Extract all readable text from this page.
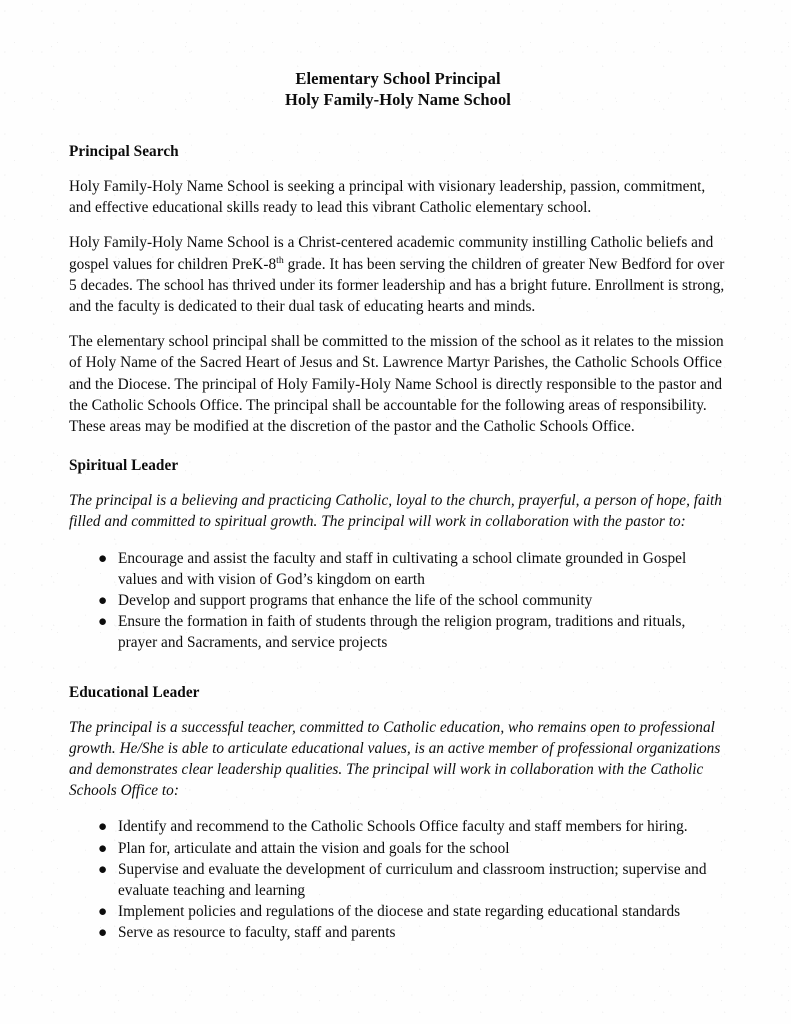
Elementary School Principal
Holy Family-Holy Name School
Principal Search

Holy Family-Holy Name School is seeking a principal with visionary leadership, passion, commitment, and effective educational skills ready to lead this vibrant Catholic elementary school.

Holy Family-Holy Name School is a Christ-centered academic community instilling Catholic beliefs and gospel values for children PreK-8th grade. It has been serving the children of greater New Bedford for over 5 decades. The school has thrived under its former leadership and has a bright future. Enrollment is strong, and the faculty is dedicated to their dual task of educating hearts and minds.

The elementary school principal shall be committed to the mission of the school as it relates to the mission of Holy Name of the Sacred Heart of Jesus and St. Lawrence Martyr Parishes, the Catholic Schools Office and the Diocese. The principal of Holy Family-Holy Name School is directly responsible to the pastor and the Catholic Schools Office. The principal shall be accountable for the following areas of responsibility. These areas may be modified at the discretion of the pastor and the Catholic Schools Office.

Spiritual Leader

The principal is a believing and practicing Catholic, loyal to the church, prayerful, a person of hope, faith filled and committed to spiritual growth. The principal will work in collaboration with the pastor to:

● Encourage and assist the faculty and staff in cultivating a school climate grounded in Gospel values and with vision of God’s kingdom on earth
● Develop and support programs that enhance the life of the school community
● Ensure the formation in faith of students through the religion program, traditions and rituals, prayer and Sacraments, and service projects
Educational Leader

The principal is a successful teacher, committed to Catholic education, who remains open to professional growth. He/She is able to articulate educational values, is an active member of professional organizations and demonstrates clear leadership qualities. The principal will work in collaboration with the Catholic Schools Office to:

● Identify and recommend to the Catholic Schools Office faculty and staff members for hiring.
● Plan for, articulate and attain the vision and goals for the school
● Supervise and evaluate the development of curriculum and classroom instruction; supervise and evaluate teaching and learning
● Implement policies and regulations of the diocese and state regarding educational standards
● Serve as resource to faculty, staff and parents
